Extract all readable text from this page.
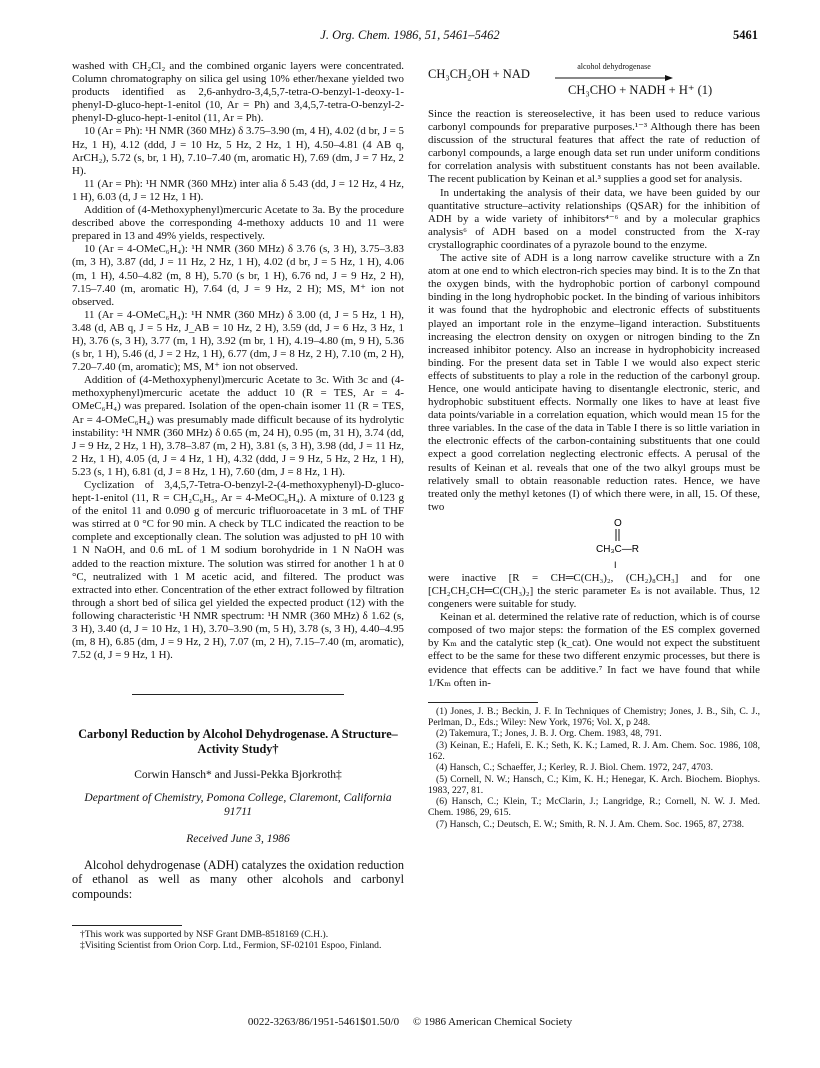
J. Org. Chem. 1986, 51, 5461–5462	5461

washed with CH₂Cl₂ and the combined organic layers were concentrated. Column chromatography on silica gel using 10% ether/hexane yielded two products identified as 2,6-anhydro-3,4,5,7-tetra-O-benzyl-1-deoxy-1-phenyl-D-gluco-hept-1-enitol (10, Ar = Ph) and 3,4,5,7-tetra-O-benzyl-2-phenyl-D-gluco-hept-1-enitol (11, Ar = Ph).

10 (Ar = Ph): ¹H NMR (360 MHz) δ 3.75–3.90 (m, 4 H), 4.02 (d br, J = 5 Hz, 1 H), 4.12 (ddd, J = 10 Hz, 5 Hz, 2 Hz, 1 H), 4.50–4.81 (4 AB q, ArCH₂), 5.72 (s, br, 1 H), 7.10–7.40 (m, aromatic H), 7.69 (dm, J = 7 Hz, 2 H).

11 (Ar = Ph): ¹H NMR (360 MHz) inter alia δ 5.43 (dd, J = 12 Hz, 4 Hz, 1 H), 6.03 (d, J = 12 Hz, 1 H).

Addition of (4-Methoxyphenyl)mercuric Acetate to 3a. By the procedure described above the corresponding 4-methoxy adducts 10 and 11 were prepared in 13 and 49% yields, respectively.

10 (Ar = 4-OMeC₆H₄): ¹H NMR (360 MHz) δ 3.76 (s, 3 H), 3.75–3.83 (m, 3 H), 3.87 (dd, J = 11 Hz, 2 Hz, 1 H), 4.02 (d br, J = 5 Hz, 1 H), 4.06 (m, 1 H), 4.50–4.82 (m, 8 H), 5.70 (s br, 1 H), 6.76 nd, J = 9 Hz, 2 H), 7.15–7.40 (m, aromatic H), 7.64 (d, J = 9 Hz, 2 H); MS, M⁺ ion not observed.

11 (Ar = 4-OMeC₆H₄): ¹H NMR (360 MHz) δ 3.00 (d, J = 5 Hz, 1 H), 3.48 (d, AB q, J = 5 Hz, J_AB = 10 Hz, 2 H), 3.59 (dd, J = 6 Hz, 3 Hz, 1 H), 3.76 (s, 3 H), 3.77 (m, 1 H), 3.92 (m br, 1 H), 4.19–4.80 (m, 9 H), 5.36 (s br, 1 H), 5.46 (d, J = 2 Hz, 1 H), 6.77 (dm, J = 8 Hz, 2 H), 7.10 (m, 2 H), 7.20–7.40 (m, aromatic); MS, M⁺ ion not observed.

Addition of (4-Methoxyphenyl)mercuric Acetate to 3c. With 3c and (4-methoxyphenyl)mercuric acetate the adduct 10 (R = TES, Ar = 4-OMeC₆H₄) was prepared. Isolation of the open-chain isomer 11 (R = TES, Ar = 4-OMeC₆H₄) was presumably made difficult because of its hydrolytic instability: ¹H NMR (360 MHz) δ 0.65 (m, 24 H), 0.95 (m, 31 H), 3.74 (dd, J = 9 Hz, 2 Hz, 1 H), 3.78–3.87 (m, 2 H), 3.81 (s, 3 H), 3.98 (dd, J = 11 Hz, 2 Hz, 1 H), 4.05 (d, J = 4 Hz, 1 H), 4.32 (ddd, J = 9 Hz, 5 Hz, 2 Hz, 1 H), 5.23 (s, 1 H), 6.81 (d, J = 8 Hz, 1 H), 7.60 (dm, J = 8 Hz, 1 H).

Cyclization of 3,4,5,7-Tetra-O-benzyl-2-(4-methoxyphenyl)-D-gluco-hept-1-enitol (11, R = CH₂C₆H₅, Ar = 4-MeOC₆H₄). A mixture of 0.123 g of the enitol 11 and 0.090 g of mercuric trifluoroacetate in 3 mL of THF was stirred at 0 °C for 90 min. A check by TLC indicated the reaction to be complete and exceptionally clean. The solution was adjusted to pH 10 with 1 N NaOH, and 0.6 mL of 1 M sodium borohydride in 1 N NaOH was added to the reaction mixture. The solution was stirred for another 1 h at 0 °C, neutralized with 1 M acetic acid, and filtered. The product was extracted into ether. Concentration of the ether extract followed by filtration through a short bed of silica gel yielded the expected product (12) with the following characteristic ¹H NMR spectrum: ¹H NMR (360 MHz) δ 1.62 (s, 3 H), 3.40 (d, J = 10 Hz, 1 H), 3.70–3.90 (m, 5 H), 3.78 (s, 3 H), 4.40–4.95 (m, 8 H), 6.85 (dm, J = 9 Hz, 2 H), 7.07 (m, 2 H), 7.15–7.40 (m, aromatic), 7.52 (d, J = 9 Hz, 1 H).

Carbonyl Reduction by Alcohol Dehydrogenase. A Structure–Activity Study†
Corwin Hansch* and Jussi-Pekka Bjorkroth‡
Department of Chemistry, Pomona College, Claremont, California 91711
Received June 3, 1986

Alcohol dehydrogenase (ADH) catalyzes the oxidation reduction of ethanol as well as many other alcohols and carbonyl compounds:

†This work was supported by NSF Grant DMB-8518169 (C.H.).

‡Visiting Scientist from Orion Corp. Ltd., Fermion, SF-02101 Espoo, Finland.

CH₃CH₂OH + NAD
alcohol dehydrogenase
CH₃CHO + NADH + H⁺ (1)

Since the reaction is stereoselective, it has been used to reduce various carbonyl compounds for preparative purposes.¹⁻³ Although there has been discussion of the structural features that affect the rate of reduction of carbonyl compounds, a large enough data set run under uniform conditions for correlation analysis with substituent constants has not been available. The recent publication by Keinan et al.³ supplies a good set for analysis.

In undertaking the analysis of their data, we have been guided by our quantitative structure–activity relationships (QSAR) for the inhibition of ADH by a wide variety of inhibitors⁴⁻⁶ and by a molecular graphics analysis⁶ of ADH based on a model constructed from the X-ray crystallographic coordinates of a pyrazole bound to the enzyme.

The active site of ADH is a long narrow cavelike structure with a Zn atom at one end to which electron-rich species may bind. It is to the Zn that the oxygen binds, with the hydrophobic portion of carbonyl compound binding in the long hydrophobic pocket. In the binding of various inhibitors it was found that the hydrophobic and electronic effects of substituents played an important role in the enzyme–ligand interaction. Substituents increasing the electron density on oxygen or nitrogen binding to the Zn increased inhibitor potency. Also an increase in hydrophobicity increased binding. For the present data set in Table I we would also expect steric effects of substituents to play a role in the reduction of the carbonyl group. Hence, one would anticipate having to disentangle electronic, steric, and hydrophobic substituent effects. Normally one likes to have at least five data points/variable in a correlation equation, which would mean 15 for the three variables. In the case of the data in Table I there is so little variation in the electronic effects of the carbon-containing substituents that one could expect a good correlation neglecting electronic effects. A perusal of the results of Keinan et al. reveals that one of the two alkyl groups must be relatively small to obtain reasonable reduction rates. Hence, we have treated only the methyl ketones (I) of which there were, in all, 15. Of these, two

O
CH₃C—R
I

were inactive [R = CH═C(CH₃)₂, (CH₂)₈CH₃] and for one [CH₂CH₂CH═C(CH₃)₂] the steric parameter Eₛ is not available. Thus, 12 congeners were suitable for study.

Keinan et al. determined the relative rate of reduction, which is of course composed of two major steps: the formation of the ES complex governed by Kₘ and the catalytic step (k_cat). One would not expect the substituent effect to be the same for these two different enzymic processes, but there is evidence that effects can be additive.⁷ In fact we have found that while 1/Kₘ often in-

(1) Jones, J. B.; Beckin, J. F. In Techniques of Chemistry; Jones, J. B., Sih, C. J., Perlman, D., Eds.; Wiley: New York, 1976; Vol. X, p 248.

(2) Takemura, T.; Jones, J. B. J. Org. Chem. 1983, 48, 791.

(3) Keinan, E.; Hafeli, E. K.; Seth, K. K.; Lamed, R. J. Am. Chem. Soc. 1986, 108, 162.

(4) Hansch, C.; Schaeffer, J.; Kerley, R. J. Biol. Chem. 1972, 247, 4703.

(5) Cornell, N. W.; Hansch, C.; Kim, K. H.; Henegar, K. Arch. Biochem. Biophys. 1983, 227, 81.

(6) Hansch, C.; Klein, T.; McClarin, J.; Langridge, R.; Cornell, N. W. J. Med. Chem. 1986, 29, 615.

(7) Hansch, C.; Deutsch, E. W.; Smith, R. N. J. Am. Chem. Soc. 1965, 87, 2738.

0022-3263/86/1951-5461$01.50/0 © 1986 American Chemical Society
